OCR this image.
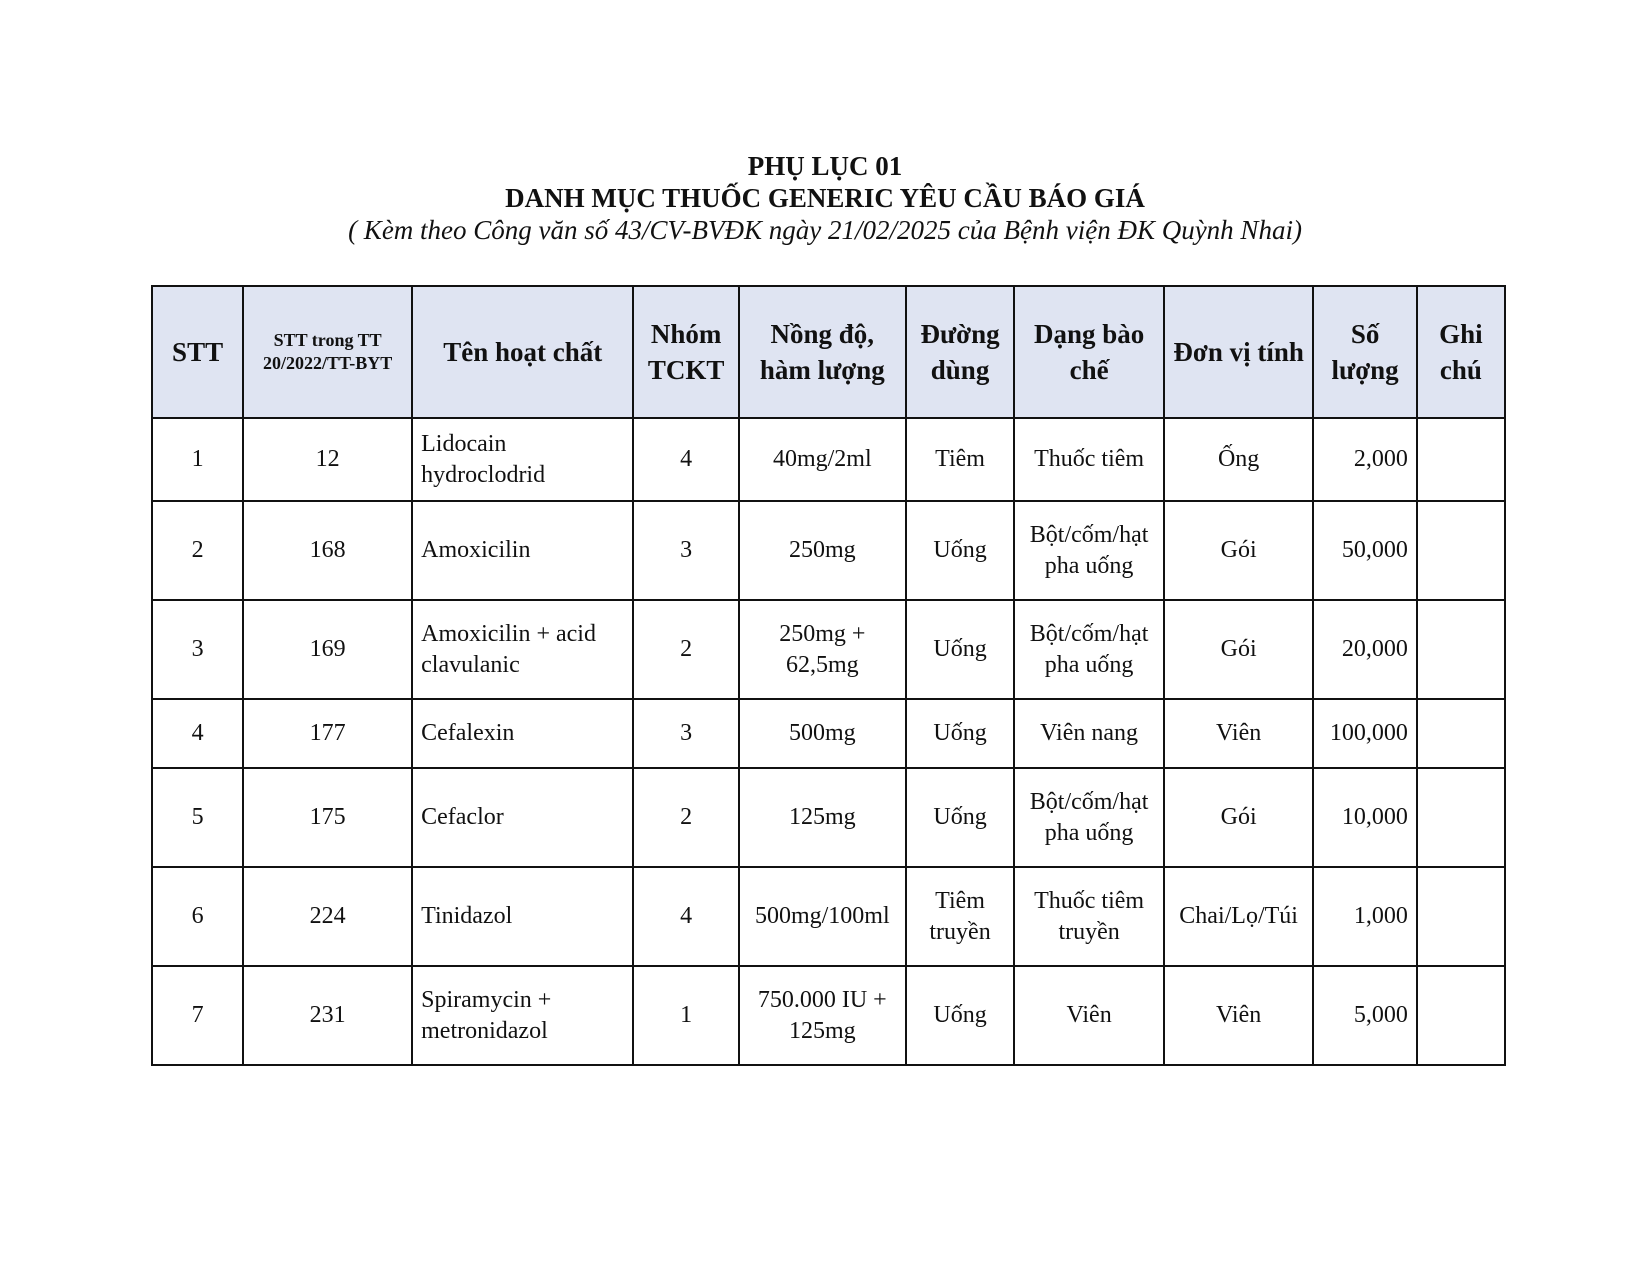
PHỤ LỤC 01
DANH MỤC THUỐC GENERIC YÊU CẦU BÁO GIÁ
( Kèm theo Công văn số 43/CV-BVĐK ngày 21/02/2025 của Bệnh viện ĐK Quỳnh Nhai)
STT	STT trong TT 20/2022/TT-BYT	Tên hoạt chất	Nhóm TCKT	Nồng độ, hàm lượng	Đường dùng	Dạng bào chế	Đơn vị tính	Số lượng	Ghi chú
1	12	Lidocain hydroclodrid	4	40mg/2ml	Tiêm	Thuốc tiêm	Ống	2,000	
2	168	Amoxicilin	3	250mg	Uống	Bột/cốm/hạt pha uống	Gói	50,000	
3	169	Amoxicilin + acid clavulanic	2	250mg + 62,5mg	Uống	Bột/cốm/hạt pha uống	Gói	20,000	
4	177	Cefalexin	3	500mg	Uống	Viên nang	Viên	100,000	
5	175	Cefaclor	2	125mg	Uống	Bột/cốm/hạt pha uống	Gói	10,000	
6	224	Tinidazol	4	500mg/100ml	Tiêm truyền	Thuốc tiêm truyền	Chai/Lọ/Túi	1,000	
7	231	Spiramycin + metronidazol	1	750.000 IU + 125mg	Uống	Viên	Viên	5,000	
